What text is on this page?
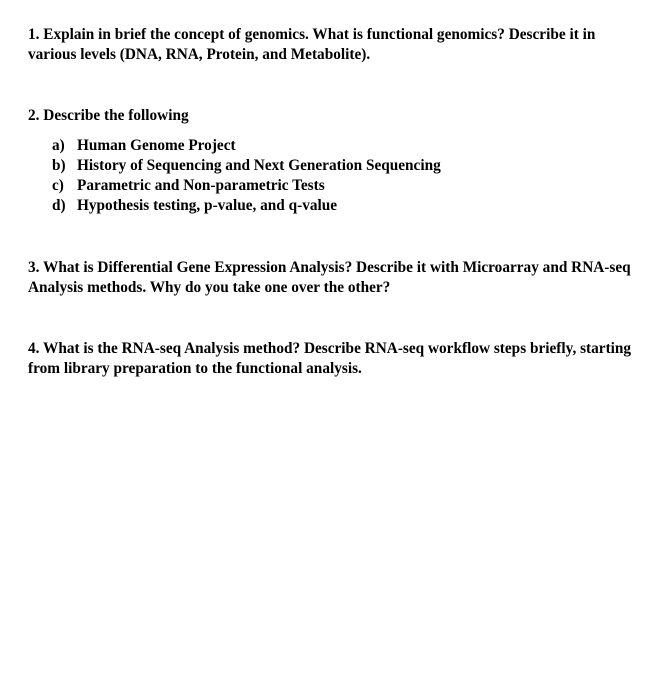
1. Explain in brief the concept of genomics. What is functional genomics? Describe it in various levels (DNA, RNA, Protein, and Metabolite).

2. Describe the following

a) Human Genome Project
b) History of Sequencing and Next Generation Sequencing
c) Parametric and Non-parametric Tests
d) Hypothesis testing, p-value, and q-value

3. What is Differential Gene Expression Analysis? Describe it with Microarray and RNA-seq Analysis methods. Why do you take one over the other?

4. What is the RNA-seq Analysis method? Describe RNA-seq workflow steps briefly, starting from library preparation to the functional analysis.
